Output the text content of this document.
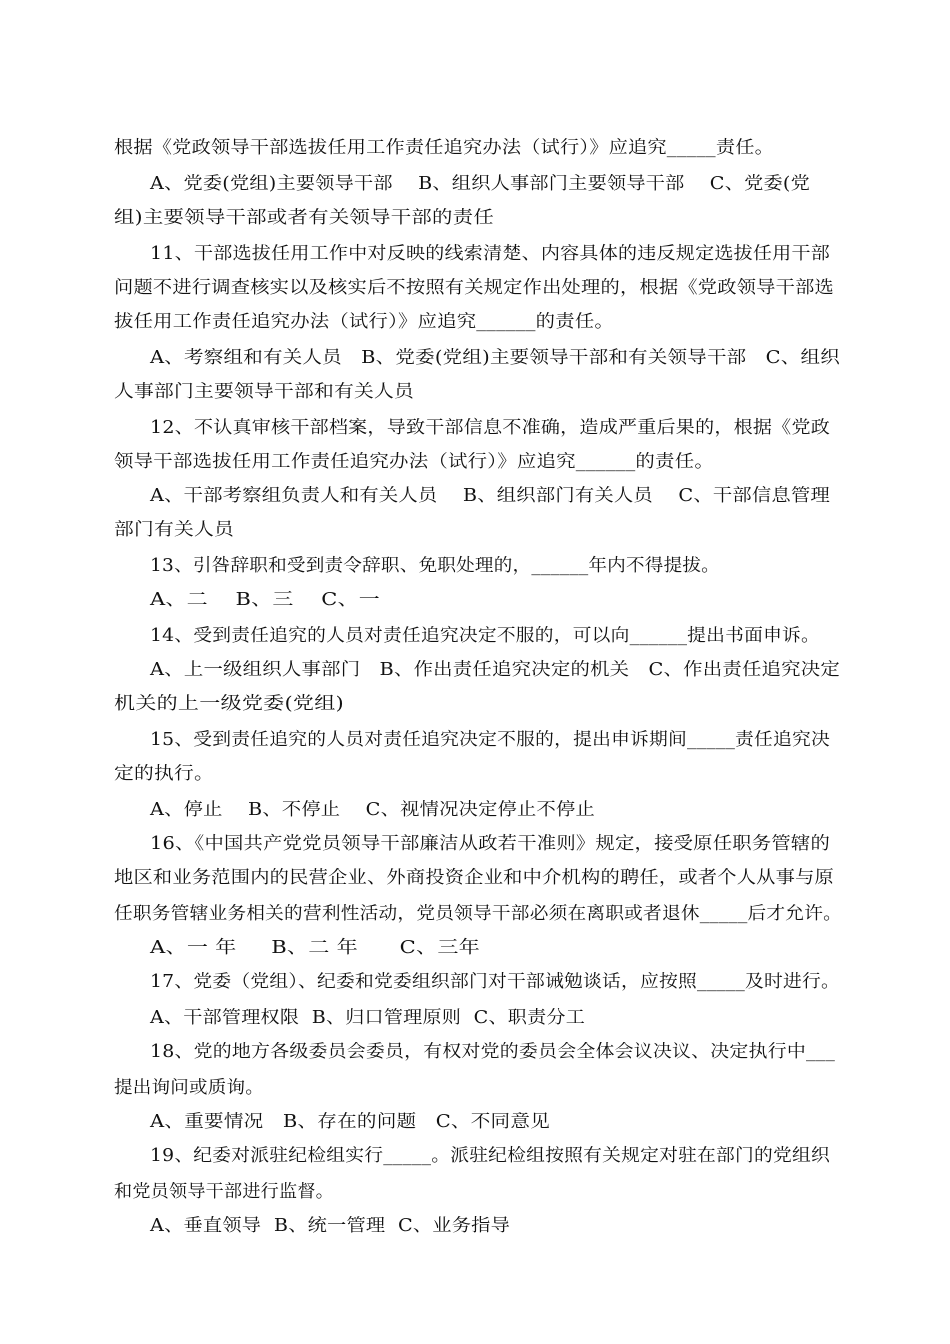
根据《党政领导干部选拔任用工作责任追究办法（试行）》应追究_____责任。
A、党委(党组)主要领导干部    B、组织人事部门主要领导干部    C、党委(党
组)主要领导干部或者有关领导干部的责任
11、干部选拔任用工作中对反映的线索清楚、内容具体的违反规定选拔任用干部
问题不进行调查核实以及核实后不按照有关规定作出处理的，根据《党政领导干部选
拔任用工作责任追究办法（试行）》应追究______的责任。
A、考察组和有关人员   B、党委(党组)主要领导干部和有关领导干部   C、组织
人事部门主要领导干部和有关人员
12、不认真审核干部档案，导致干部信息不准确，造成严重后果的，根据《党政
领导干部选拔任用工作责任追究办法（试行）》应追究______的责任。
A、干部考察组负责人和有关人员    B、组织部门有关人员    C、干部信息管理
部门有关人员
13、引咎辞职和受到责令辞职、免职处理的，______年内不得提拔。
A、二    B、三    C、一
14、受到责任追究的人员对责任追究决定不服的，可以向______提出书面申诉。
A、上一级组织人事部门   B、作出责任追究决定的机关   C、作出责任追究决定
机关的上一级党委(党组)
15、受到责任追究的人员对责任追究决定不服的，提出申诉期间_____责任追究决
定的执行。
A、停止    B、不停止    C、视情况决定停止不停止
16、《中国共产党党员领导干部廉洁从政若干准则》规定，接受原任职务管辖的
地区和业务范围内的民营企业、外商投资企业和中介机构的聘任，或者个人从事与原
任职务管辖业务相关的营利性活动，党员领导干部必须在离职或者退休_____后才允许。
A、一 年     B、二 年      C、三年
17、党委（党组）、纪委和党委组织部门对干部诫勉谈话，应按照_____及时进行。
A、干部管理权限  B、归口管理原则  C、职责分工
18、党的地方各级委员会委员，有权对党的委员会全体会议决议、决定执行中___
提出询问或质询。
A、重要情况   B、存在的问题   C、不同意见
19、纪委对派驻纪检组实行_____。派驻纪检组按照有关规定对驻在部门的党组织
和党员领导干部进行监督。
A、垂直领导  B、统一管理  C、业务指导
